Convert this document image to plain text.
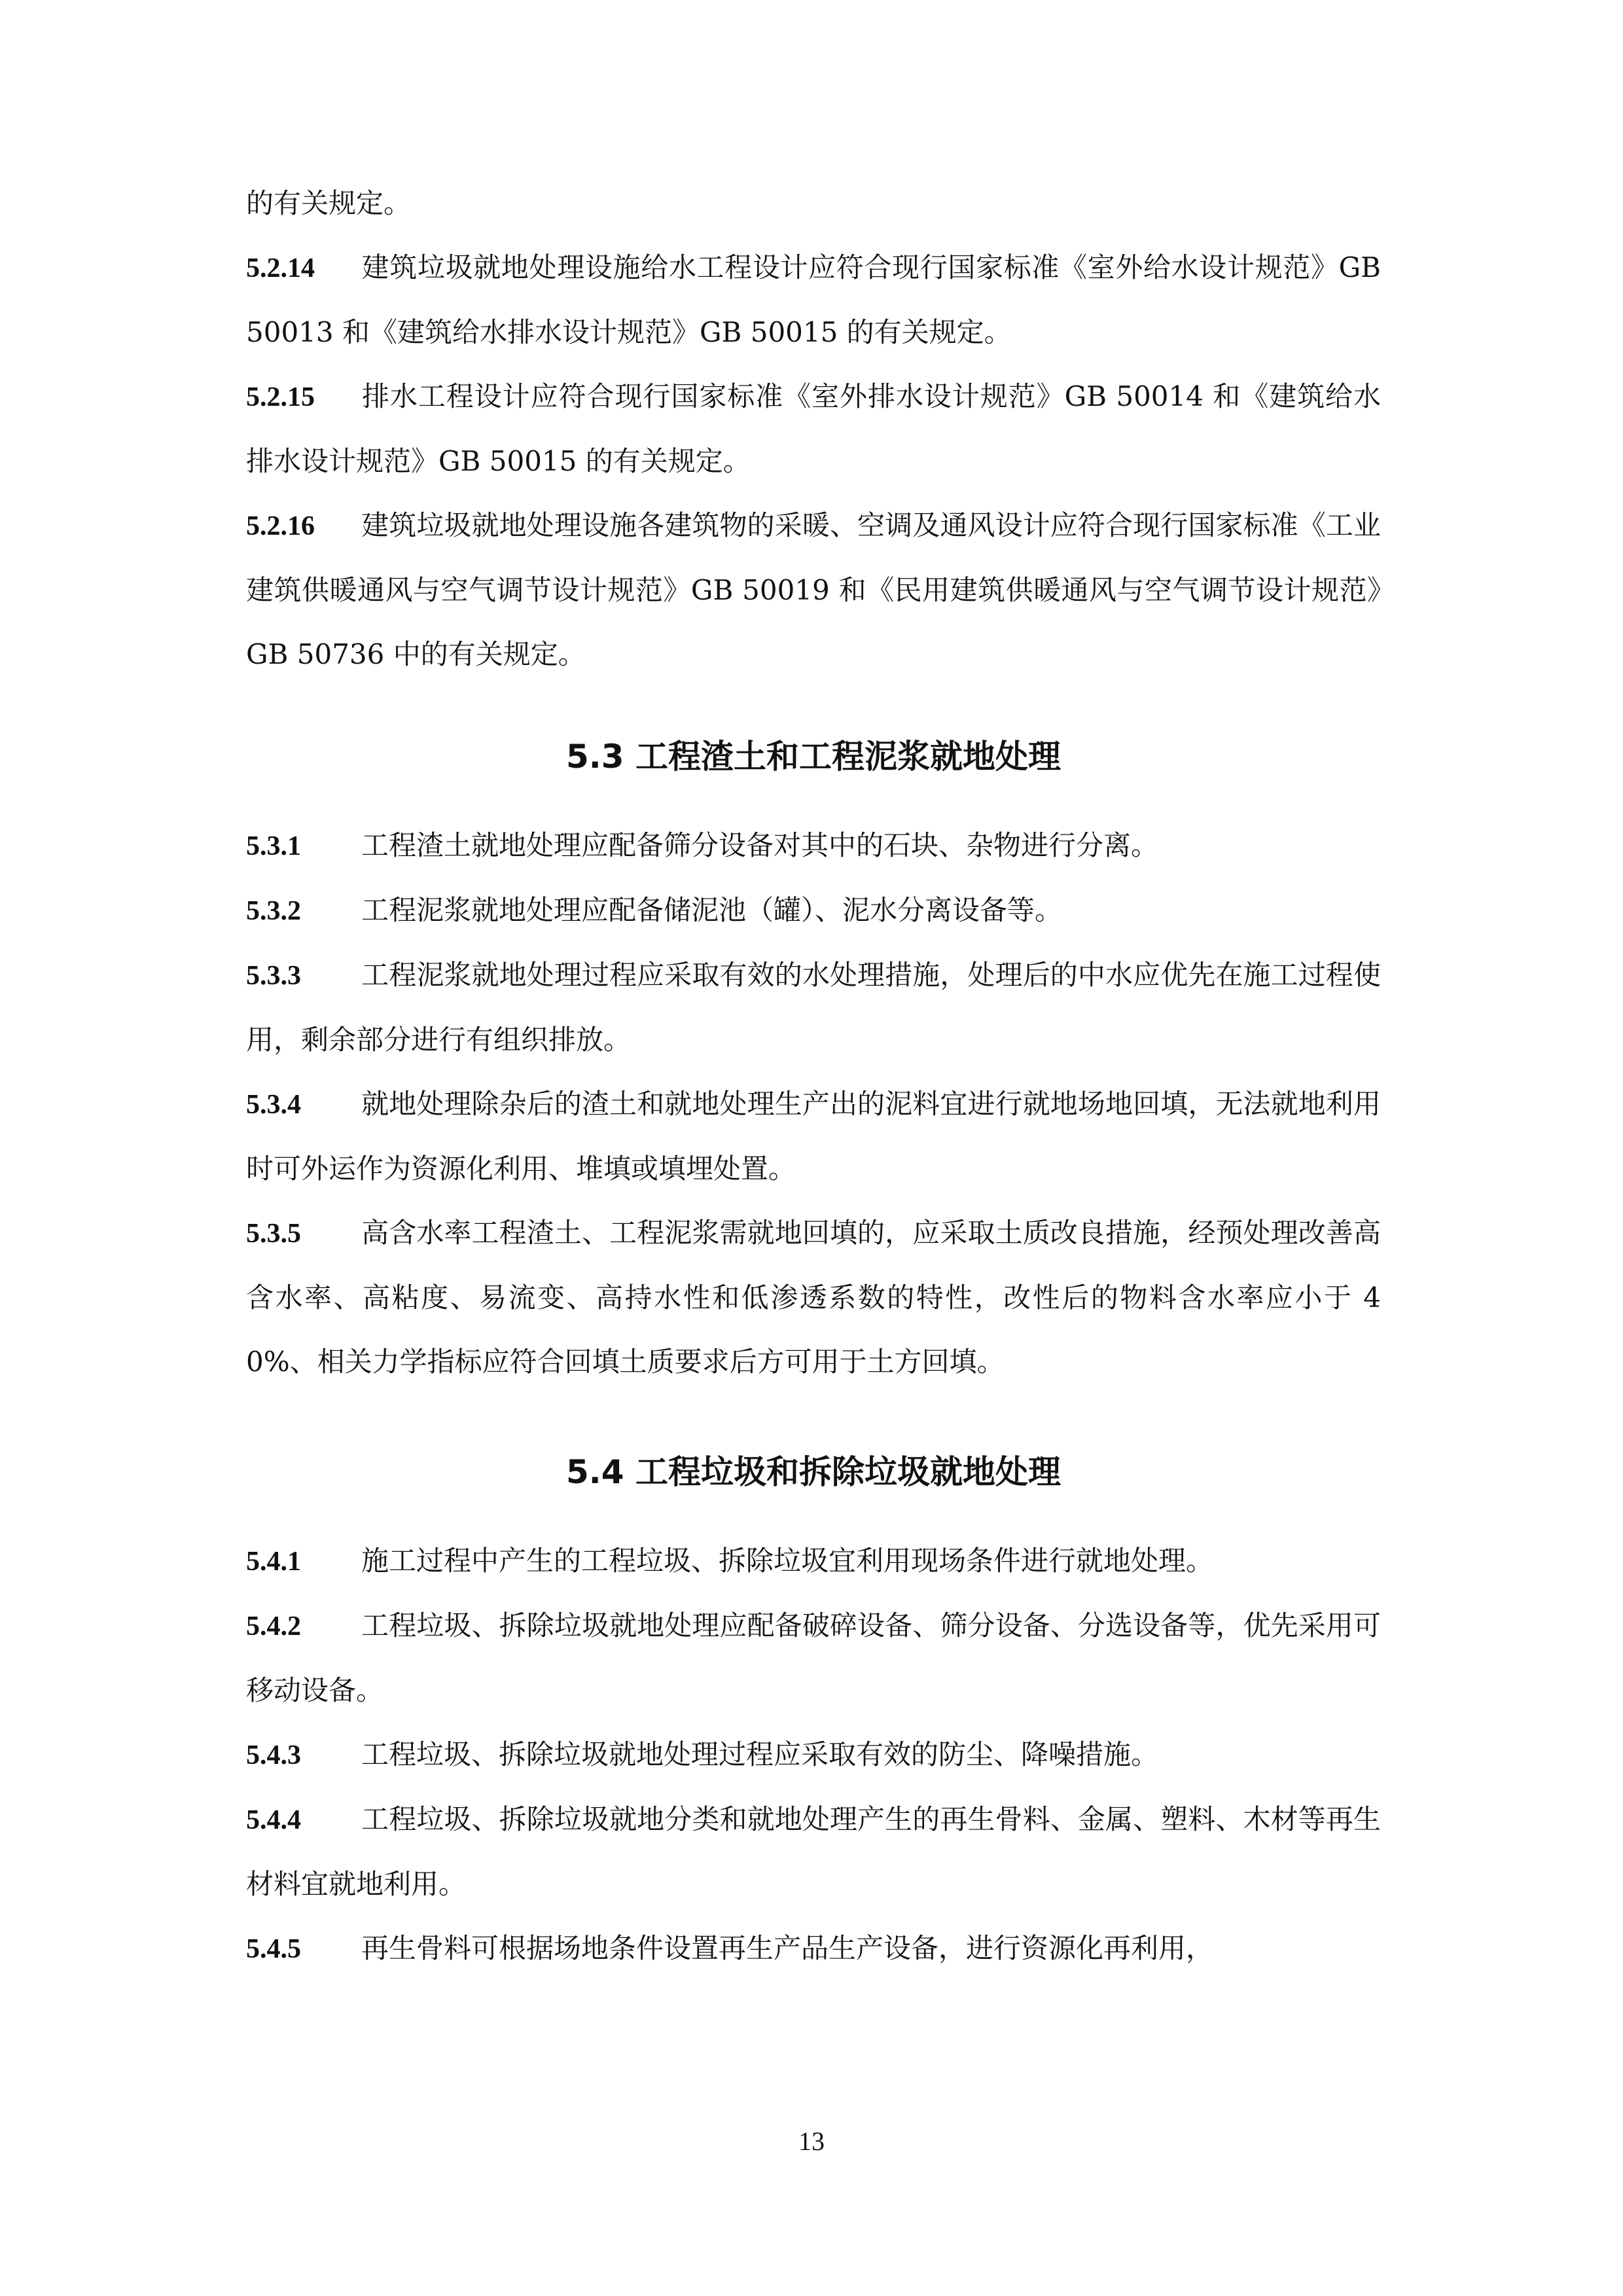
的有关规定。

5.2.14 建筑垃圾就地处理设施给水工程设计应符合现行国家标准《室外给水设计规范》GB 50013 和《建筑给水排水设计规范》GB 50015 的有关规定。

5.2.15 排水工程设计应符合现行国家标准《室外排水设计规范》GB 50014 和《建筑给水排水设计规范》GB 50015 的有关规定。

5.2.16 建筑垃圾就地处理设施各建筑物的采暖、空调及通风设计应符合现行国家标准《工业建筑供暖通风与空气调节设计规范》GB 50019 和《民用建筑供暖通风与空气调节设计规范》GB 50736 中的有关规定。

5.3 工程渣土和工程泥浆就地处理

5.3.1 工程渣土就地处理应配备筛分设备对其中的石块、杂物进行分离。

5.3.2 工程泥浆就地处理应配备储泥池（罐）、泥水分离设备等。

5.3.3 工程泥浆就地处理过程应采取有效的水处理措施，处理后的中水应优先在施工过程使用，剩余部分进行有组织排放。

5.3.4 就地处理除杂后的渣土和就地处理生产出的泥料宜进行就地场地回填，无法就地利用时可外运作为资源化利用、堆填或填埋处置。

5.3.5 高含水率工程渣土、工程泥浆需就地回填的，应采取土质改良措施，经预处理改善高含水率、高粘度、易流变、高持水性和低渗透系数的特性，改性后的物料含水率应小于 40%、相关力学指标应符合回填土质要求后方可用于土方回填。

5.4 工程垃圾和拆除垃圾就地处理

5.4.1 施工过程中产生的工程垃圾、拆除垃圾宜利用现场条件进行就地处理。

5.4.2 工程垃圾、拆除垃圾就地处理应配备破碎设备、筛分设备、分选设备等，优先采用可移动设备。

5.4.3 工程垃圾、拆除垃圾就地处理过程应采取有效的防尘、降噪措施。

5.4.4 工程垃圾、拆除垃圾就地分类和就地处理产生的再生骨料、金属、塑料、木材等再生材料宜就地利用。

5.4.5 再生骨料可根据场地条件设置再生产品生产设备，进行资源化再利用，

13
